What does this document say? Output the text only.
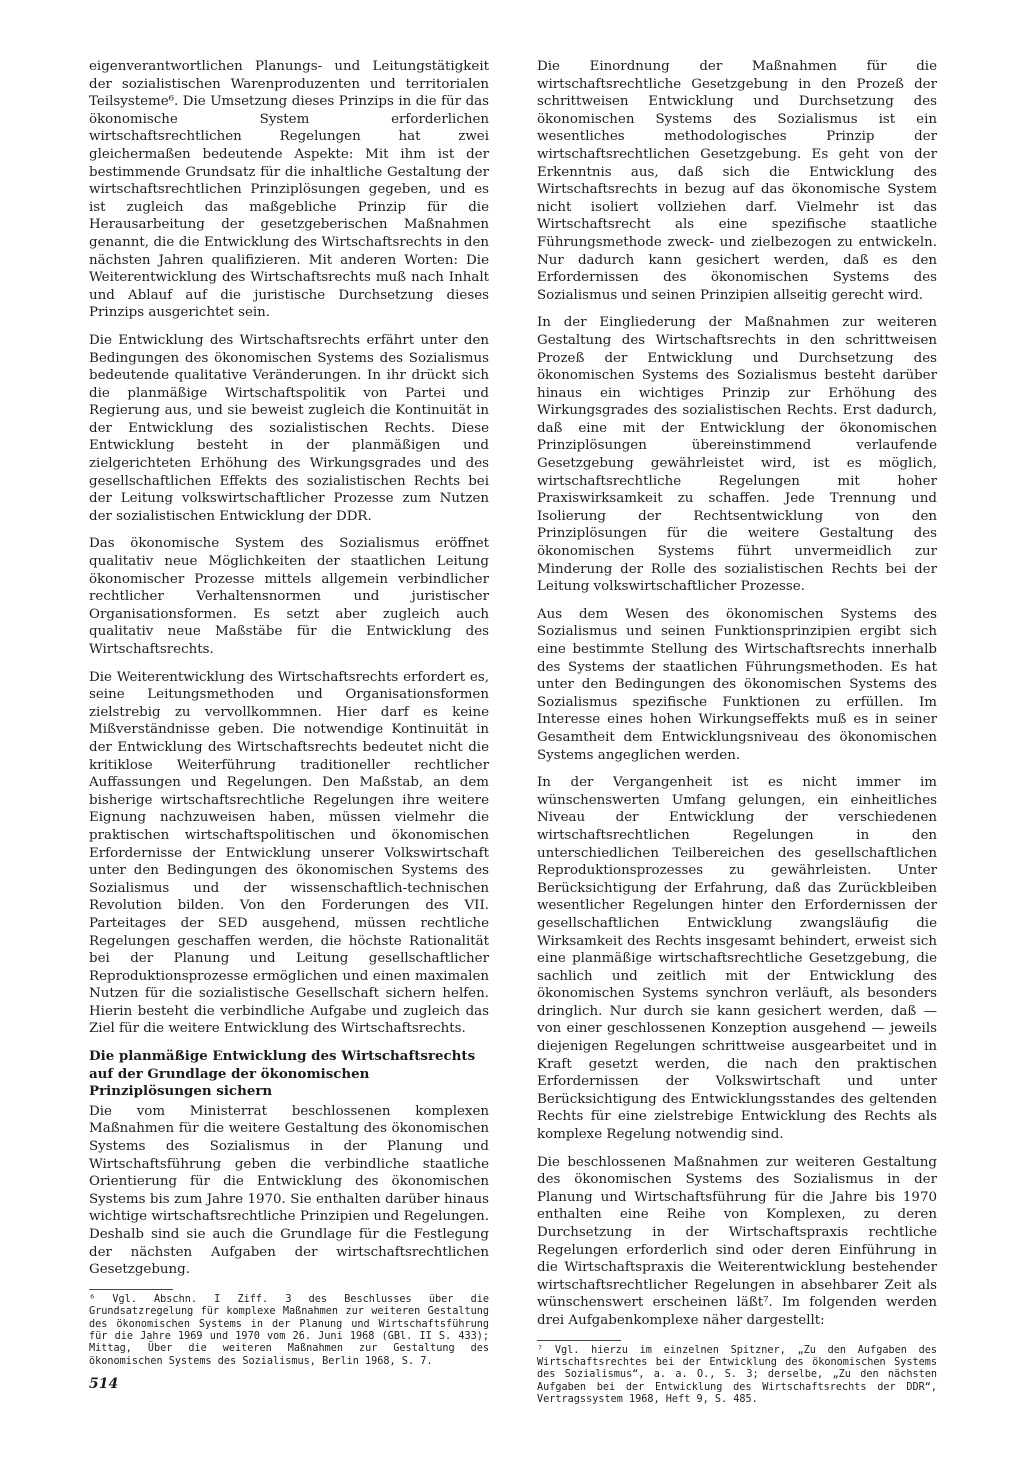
eigenverantwortlichen Planungs- und Leitungstätigkeit der sozialistischen Warenproduzenten und territorialen Teilsysteme⁶. Die Umsetzung dieses Prinzips in die für das ökonomische System erforderlichen wirtschaftsrechtlichen Regelungen hat zwei gleichermaßen bedeutende Aspekte: Mit ihm ist der bestimmende Grundsatz für die inhaltliche Gestaltung der wirtschaftsrechtlichen Prinziplösungen gegeben, und es ist zugleich das maßgebliche Prinzip für die Herausarbeitung der gesetzgeberischen Maßnahmen genannt, die die Entwicklung des Wirtschaftsrechts in den nächsten Jahren qualifizieren. Mit anderen Worten: Die Weiterentwicklung des Wirtschaftsrechts muß nach Inhalt und Ablauf auf die juristische Durchsetzung dieses Prinzips ausgerichtet sein.

Die Entwicklung des Wirtschaftsrechts erfährt unter den Bedingungen des ökonomischen Systems des Sozialismus bedeutende qualitative Veränderungen. In ihr drückt sich die planmäßige Wirtschaftspolitik von Partei und Regierung aus, und sie beweist zugleich die Kontinuität in der Entwicklung des sozialistischen Rechts. Diese Entwicklung besteht in der planmäßigen und zielgerichteten Erhöhung des Wirkungsgrades und des gesellschaftlichen Effekts des sozialistischen Rechts bei der Leitung volkswirtschaftlicher Prozesse zum Nutzen der sozialistischen Entwicklung der DDR.

Das ökonomische System des Sozialismus eröffnet qualitativ neue Möglichkeiten der staatlichen Leitung ökonomischer Prozesse mittels allgemein verbindlicher rechtlicher Verhaltensnormen und juristischer Organisationsformen. Es setzt aber zugleich auch qualitativ neue Maßstäbe für die Entwicklung des Wirtschaftsrechts.

Die Weiterentwicklung des Wirtschaftsrechts erfordert es, seine Leitungsmethoden und Organisationsformen zielstrebig zu vervollkommnen. Hier darf es keine Mißverständnisse geben. Die notwendige Kontinuität in der Entwicklung des Wirtschaftsrechts bedeutet nicht die kritiklose Weiterführung traditioneller rechtlicher Auffassungen und Regelungen. Den Maßstab, an dem bisherige wirtschaftsrechtliche Regelungen ihre weitere Eignung nachzuweisen haben, müssen vielmehr die praktischen wirtschaftspolitischen und ökonomischen Erfordernisse der Entwicklung unserer Volkswirtschaft unter den Bedingungen des ökonomischen Systems des Sozialismus und der wissenschaftlich-technischen Revolution bilden. Von den Forderungen des VII. Parteitages der SED ausgehend, müssen rechtliche Regelungen geschaffen werden, die höchste Rationalität bei der Planung und Leitung gesellschaftlicher Reproduktionsprozesse ermöglichen und einen maximalen Nutzen für die sozialistische Gesellschaft sichern helfen. Hierin besteht die verbindliche Aufgabe und zugleich das Ziel für die weitere Entwicklung des Wirtschaftsrechts.

Die planmäßige Entwicklung des Wirtschaftsrechts auf der Grundlage der ökonomischen Prinziplösungen sichern

Die vom Ministerrat beschlossenen komplexen Maßnahmen für die weitere Gestaltung des ökonomischen Systems des Sozialismus in der Planung und Wirtschaftsführung geben die verbindliche staatliche Orientierung für die Entwicklung des ökonomischen Systems bis zum Jahre 1970. Sie enthalten darüber hinaus wichtige wirtschaftsrechtliche Prinzipien und Regelungen. Deshalb sind sie auch die Grundlage für die Festlegung der nächsten Aufgaben der wirtschaftsrechtlichen Gesetzgebung.

⁶ Vgl. Abschn. I Ziff. 3 des Beschlusses über die Grundsatzregelung für komplexe Maßnahmen zur weiteren Gestaltung des ökonomischen Systems in der Planung und Wirtschaftsführung für die Jahre 1969 und 1970 vom 26. Juni 1968 (GBl. II S. 433); Mittag, Über die weiteren Maßnahmen zur Gestaltung des ökonomischen Systems des Sozialismus, Berlin 1968, S. 7.

Die Einordnung der Maßnahmen für die wirtschaftsrechtliche Gesetzgebung in den Prozeß der schrittweisen Entwicklung und Durchsetzung des ökonomischen Systems des Sozialismus ist ein wesentliches methodologisches Prinzip der wirtschaftsrechtlichen Gesetzgebung. Es geht von der Erkenntnis aus, daß sich die Entwicklung des Wirtschaftsrechts in bezug auf das ökonomische System nicht isoliert vollziehen darf. Vielmehr ist das Wirtschaftsrecht als eine spezifische staatliche Führungsmethode zweck- und zielbezogen zu entwickeln. Nur dadurch kann gesichert werden, daß es den Erfordernissen des ökonomischen Systems des Sozialismus und seinen Prinzipien allseitig gerecht wird.

In der Eingliederung der Maßnahmen zur weiteren Gestaltung des Wirtschaftsrechts in den schrittweisen Prozeß der Entwicklung und Durchsetzung des ökonomischen Systems des Sozialismus besteht darüber hinaus ein wichtiges Prinzip zur Erhöhung des Wirkungsgrades des sozialistischen Rechts. Erst dadurch, daß eine mit der Entwicklung der ökonomischen Prinziplösungen übereinstimmend verlaufende Gesetzgebung gewährleistet wird, ist es möglich, wirtschaftsrechtliche Regelungen mit hoher Praxiswirksamkeit zu schaffen. Jede Trennung und Isolierung der Rechtsentwicklung von den Prinziplösungen für die weitere Gestaltung des ökonomischen Systems führt unvermeidlich zur Minderung der Rolle des sozialistischen Rechts bei der Leitung volkswirtschaftlicher Prozesse.

Aus dem Wesen des ökonomischen Systems des Sozialismus und seinen Funktionsprinzipien ergibt sich eine bestimmte Stellung des Wirtschaftsrechts innerhalb des Systems der staatlichen Führungsmethoden. Es hat unter den Bedingungen des ökonomischen Systems des Sozialismus spezifische Funktionen zu erfüllen. Im Interesse eines hohen Wirkungseffekts muß es in seiner Gesamtheit dem Entwicklungsniveau des ökonomischen Systems angeglichen werden.

In der Vergangenheit ist es nicht immer im wünschenswerten Umfang gelungen, ein einheitliches Niveau der Entwicklung der verschiedenen wirtschaftsrechtlichen Regelungen in den unterschiedlichen Teilbereichen des gesellschaftlichen Reproduktionsprozesses zu gewährleisten. Unter Berücksichtigung der Erfahrung, daß das Zurückbleiben wesentlicher Regelungen hinter den Erfordernissen der gesellschaftlichen Entwicklung zwangsläufig die Wirksamkeit des Rechts insgesamt behindert, erweist sich eine planmäßige wirtschaftsrechtliche Gesetzgebung, die sachlich und zeitlich mit der Entwicklung des ökonomischen Systems synchron verläuft, als besonders dringlich. Nur durch sie kann gesichert werden, daß — von einer geschlossenen Konzeption ausgehend — jeweils diejenigen Regelungen schrittweise ausgearbeitet und in Kraft gesetzt werden, die nach den praktischen Erfordernissen der Volkswirtschaft und unter Berücksichtigung des Entwicklungsstandes des geltenden Rechts für eine zielstrebige Entwicklung des Rechts als komplexe Regelung notwendig sind.

Die beschlossenen Maßnahmen zur weiteren Gestaltung des ökonomischen Systems des Sozialismus in der Planung und Wirtschaftsführung für die Jahre bis 1970 enthalten eine Reihe von Komplexen, zu deren Durchsetzung in der Wirtschaftspraxis rechtliche Regelungen erforderlich sind oder deren Einführung in die Wirtschaftspraxis die Weiterentwicklung bestehender wirtschaftsrechtlicher Regelungen in absehbarer Zeit als wünschenswert erscheinen läßt⁷. Im folgenden werden drei Aufgabenkomplexe näher dargestellt:

⁷ Vgl. hierzu im einzelnen Spitzner, „Zu den Aufgaben des Wirtschaftsrechtes bei der Entwicklung des ökonomischen Systems des Sozialismus“, a. a. O., S. 3; derselbe, „Zu den nächsten Aufgaben bei der Entwicklung des Wirtschaftsrechts der DDR“, Vertragssystem 1968, Heft 9, S. 485.

514
